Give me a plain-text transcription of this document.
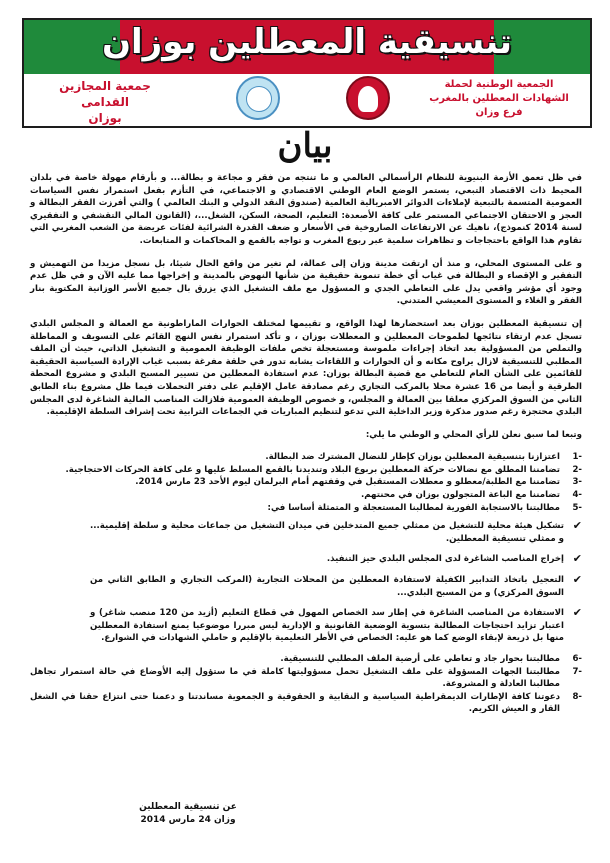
تنسيقية المعطلين بوزان
جمعية المجازين
القدامى
بوزان
الجمعية الوطنية لحملة
الشهادات المعطلين بالمغرب
فرع وزان
بيان

في ظل تعمق الأزمة البنيوية للنظام الرأسمالي العالمي و ما تنتجه من فقر و مجاعة و بطالة... و بأرقام مهولة خاصة في بلدان المحيط ذات الاقتصاد التبعي، يستمر الوضع العام الوطني الاقتصادي و الاجتماعي، في التأزم بفعل استمرار نفس السياسات العمومية المتسمة بالتبعية لإملاءات الدوائر الامبريالية العالمية (صندوق النقد الدولي و البنك العالمي ) والتي أفرزت الفقر البطالة و العجز و الاحتقان الاجتماعي المستمر على كافة الأصعدة: التعليم، الصحة، السكن، الشغل...، (القانون المالي التقشفي و التفقيري لسنة 2014 كنموذج)، ناهيك عن الارتفاعات الصاروخية في الأسعار و ضعف القدرة الشرائية لفئات عريضة من الشعب المغربي التي تقاوم هذا الواقع باحتجاجات و تظاهرات سلمية عبر ربوع المغرب و تواجه بالقمع و المحاكمات و المتابعات.

و على المستوى المحلي، و منذ أن ارتقت مدينة وزان إلى عمالة، لم تغير من واقع الحال شيئا، بل نسجل مزيدا من التهميش و التفقير و الإقصاء و البطالة في غياب أي خطة تنموية حقيقية من شأنها النهوض بالمدينة و إخراجها مما عليه الآن و في ظل عدم وجود أي مؤشر واقعي يدل على التعاطي الجدي و المسؤول مع ملف التشغيل الذي يزرق بال جميع الأسر الوزانية المكتوية بنار الفقر و الغلاء و المستوى المعيشي المتدني.

إن تنسيقية المعطلين بوزان بعد استحضارها لهذا الواقع، و تقييمها لمختلف الحوارات الماراطونية مع العمالة و المجلس البلدي تسجل عدم ارتقاء نتائجها لطموحات المعطلين و المعطلات بوزان ، و تأكد استمرار نفس النهج القائم على التسويف و المماطلة والتملص من المسؤولية بعد اتخاذ إجراءات ملموسة ومستعجلة تخص ملفات الوظيفة العمومية و التشغيل الذاتي، حيث أن الملف المطلبي للتنسيقية لازال يراوح مكانه و أن الحوارات و اللقاءات يشابه تدور في حلقة مفرغة بسبب غياب الإرادة السياسية الحقيقية للقائمين على الشأن العام للتعاطي مع قضية البطالة بوزان: عدم استفادة المعطلين من تسيير المسبح البلدي و مشروع المحطة الطرقية و أيضا من 16 عشرة محلا بالمركب التجاري رغم مصادقة عامل الإقليم على دفتر التحملات فيما ظل مشروع بناء الطابق الثاني من السوق المركزي معلقا بين العمالة و المجلس، و خصوص الوظيفة العمومية فلازالت المناصب المالية الشاغرة لدى المجلس البلدي محتجزة رغم صدور مذكرة وزير الداخلية التي تدعو لتنظيم المباريات في الجماعات الترابية تحت إشراف السلطة الإقليمية.

وتبعا لما سبق نعلن للرأي المحلي و الوطني ما يلي:

-1
اعتزازنا بتنسيقية المعطلين بوزان كإطار للنضال المشترك ضد البطالة.
-2
تضامننا المطلق مع نضالات حركة المعطلين بربوع البلاد وتنديدنا بالقمع المسلط عليها و على كافة الحركات الاحتجاجية.
-3
تضامننا مع الطلبة/معطلو و معطلات المستقبل في وقفتهم أمام البرلمان ليوم الأحد 23 مارس 2014.
-4
تضامننا مع الباعة المتجولون بوزان في محنتهم.
-5
مطالبتنا بالاستجابة الفورية لمطالبنا المستعجلة و المتمثلة أساسا في:
✔
تشكيل هيئة محلية للتشغيل من ممثلي جميع المتدخلين في ميدان التشغيل من جماعات محلية و سلطة إقليمية... و ممثلي تنسيقية المعطلين.
✔
إخراج المناصب الشاغرة لدى المجلس البلدي حيز التنفيذ.
✔
التعجيل باتخاذ التدابير الكفيلة لاستفادة المعطلين من المحلات التجارية (المركب التجاري و الطابق الثاني من السوق المركزي) و من المسبح البلدي...
✔
الاستفادة من المناصب الشاغرة في إطار سد الخصاص المهول في قطاع التعليم (أزيد من 120 منصب شاغر) و اعتبار تزايد احتجاجات المطالبة بتسوية الوضعية القانونية و الإدارية ليس مبررا موضوعيا يمنع استفادة المعطلين منها بل ذريعة لإبقاء الوضع كما هو عليه: الخصاص في الأطر التعليمية بالإقليم و حاملي الشهادات في الشوارع.
-6
مطالبتنا بحوار جاد و تعاطي على أرضية الملف المطلبي للتنسيقية.
-7
مطالبتنا الجهات المسؤولة على ملف التشغيل تحمل مسؤوليتها كاملة في ما ستؤول إليه الأوضاع في حالة استمرار تجاهل مطالبنا العادلة و المشروعة.
-8
دعوتنا كافة الإطارات الديمقراطية السياسية و النقابية و الحقوقية و الجمعوية مساندتنا و دعمنا حتى انتزاع حقنا في الشغل القار و العيش الكريم.
عن تنسيقية المعطلين
وزان 24 مارس 2014
